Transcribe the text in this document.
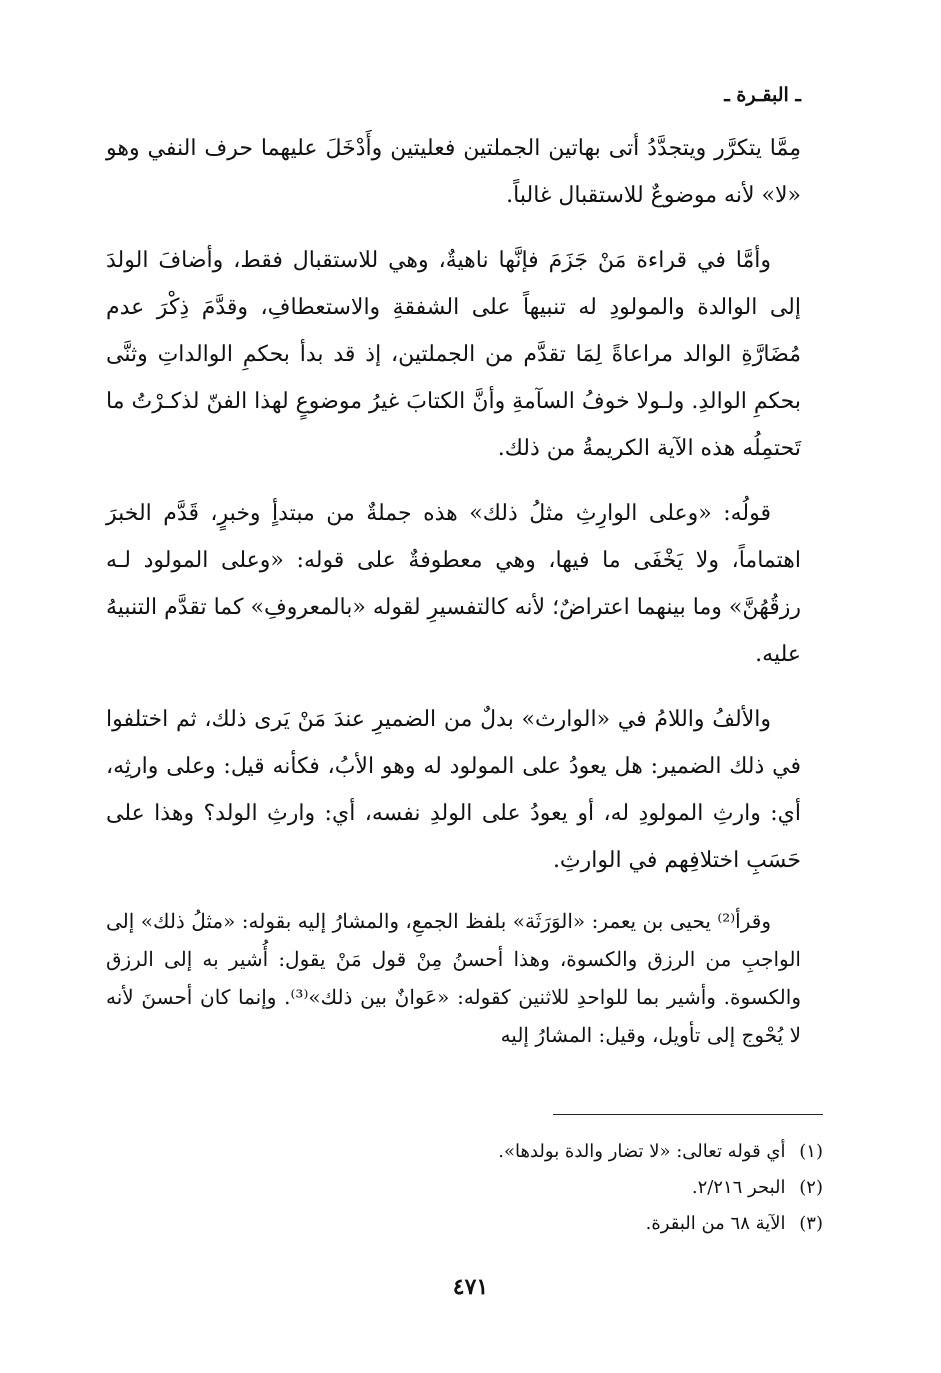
ـ البقـرة ـ

مِمَّا يتكرَّر ويتجدَّدُ أتى بهاتين الجملتين فعليتين وأَدْخَلَ عليهما حرف النفي وهو «لا» لأنه موضوعٌ للاستقبال غالباً.

وأمَّا في قراءة مَنْ جَزَمَ فإنَّها ناهيةٌ، وهي للاستقبال فقط، وأضافَ الولدَ إلى الوالدة والمولودِ له تنبيهاً على الشفقةِ والاستعطافِ، وقدَّمَ ذِكْرَ عدم مُضَارَّةِ الوالد مراعاةً لِمَا تقدَّم من الجملتين، إذ قد بدأ بحكمِ الوالداتِ وثنَّى بحكمِ الوالدِ. ولـولا خوفُ السآمةِ وأنَّ الكتابَ غيرُ موضوعٍ لهذا الفنّ لذكـرْتُ ما تَحتمِلُه هذه الآية الكريمةُ من ذلك.

قولُه: «وعلى الوارِثِ مثلُ ذلك» هذه جملةٌ من مبتدأٍ وخبرٍ، قَدَّم الخبرَ اهتماماً، ولا يَخْفَى ما فيها، وهي معطوفةٌ على قوله: «وعلى المولود لـه رزقُهُنَّ» وما بينهما اعتراضٌ؛ لأنه كالتفسيرِ لقوله «بالمعروفِ» كما تقدَّم التنبيهُ عليه.

والألفُ واللامُ في «الوارث» بدلٌ من الضميرِ عندَ مَنْ يَرى ذلك، ثم اختلفوا في ذلك الضمير: هل يعودُ على المولود له وهو الأبُ، فكأنه قيل: وعلى وارثِه، أي: وارثِ المولودِ له، أو يعودُ على الولدِ نفسه، أي: وارثِ الولد؟ وهذا على حَسَبِ اختلافِهم في الوارثِ.

وقرأ⁽²⁾ يحيى بن يعمر: «الوَرَثَة» بلفظ الجمعِ، والمشارُ إليه بقوله: «مثلُ ذلك» إلى الواجبِ من الرزق والكسوة، وهذا أحسنُ مِنْ قول مَنْ يقول: أُشير به إلى الرزق والكسوة. وأشير بما للواحدِ للاثنين كقوله: «عَوانٌ بين ذلك»⁽³⁾. وإنما كان أحسنَ لأنه لا يُحْوج إلى تأويل، وقيل: المشارُ إليه

(١) أي قوله تعالى: «لا تضار والدة بولدها».
(٢) البحر ٢/٢١٦.
(٣) الآية ٦٨ من البقرة.
٤٧١
